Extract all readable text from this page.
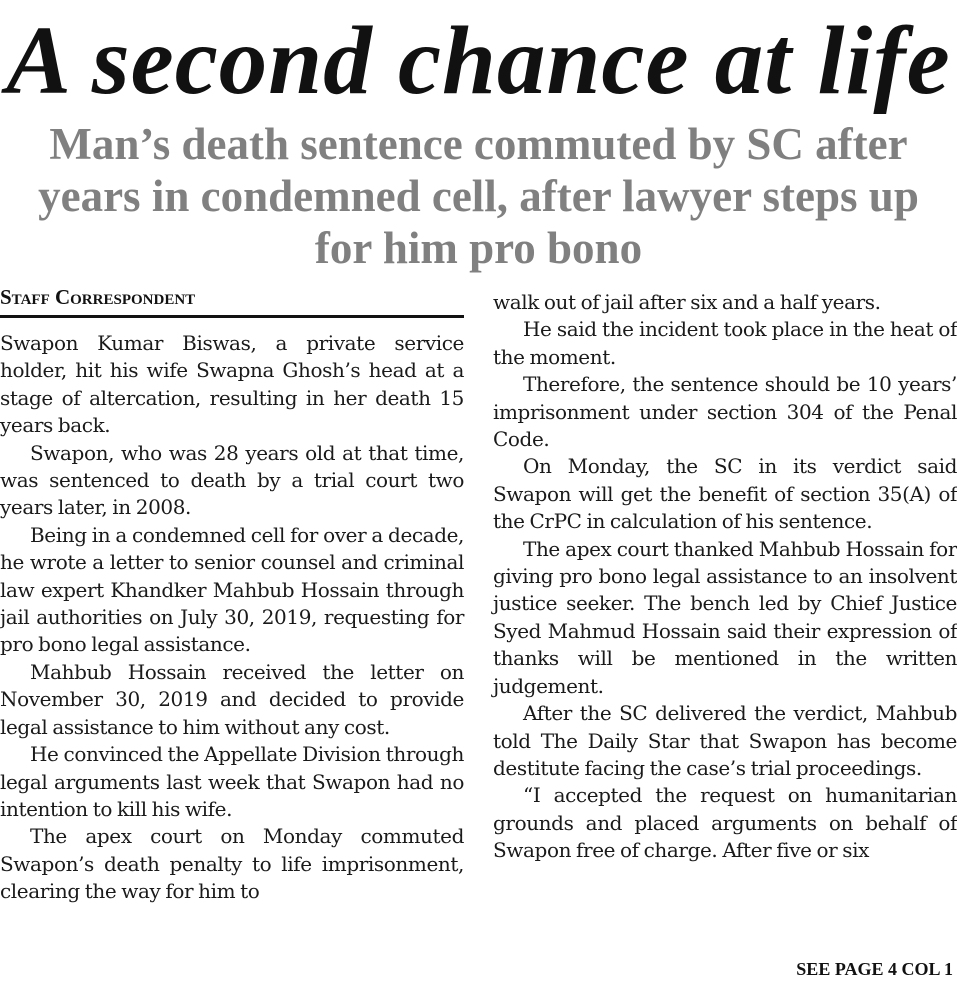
A second chance at life
Man’s death sentence commuted by SC after
years in condemned cell, after lawyer steps up
for him pro bono
Staff Correspondent

Swapon Kumar Biswas, a private service holder, hit his wife Swapna Ghosh’s head at a stage of altercation, resulting in her death 15 years back.

Swapon, who was 28 years old at that time, was sentenced to death by a trial court two years later, in 2008.

Being in a condemned cell for over a decade, he wrote a letter to senior counsel and criminal law expert Khandker Mahbub Hossain through jail authorities on July 30, 2019, requesting for pro bono legal assistance.

Mahbub Hossain received the letter on November 30, 2019 and decided to provide legal assistance to him without any cost.

He convinced the Appellate Division through legal arguments last week that Swapon had no intention to kill his wife.

The apex court on Monday commuted Swapon’s death penalty to life imprisonment, clearing the way for him to

walk out of jail after six and a half years.

He said the incident took place in the heat of the moment.

Therefore, the sentence should be 10 years’ imprisonment under section 304 of the Penal Code.

On Monday, the SC in its verdict said Swapon will get the benefit of section 35(A) of the CrPC in calculation of his sentence.

The apex court thanked Mahbub Hossain for giving pro bono legal assistance to an insolvent justice seeker. The bench led by Chief Justice Syed Mahmud Hossain said their expression of thanks will be mentioned in the written judgement.

After the SC delivered the verdict, Mahbub told The Daily Star that Swapon has become destitute facing the case’s trial proceedings.

“I accepted the request on humanitarian grounds and placed arguments on behalf of Swapon free of charge. After five or six

SEE PAGE 4 COL 1
